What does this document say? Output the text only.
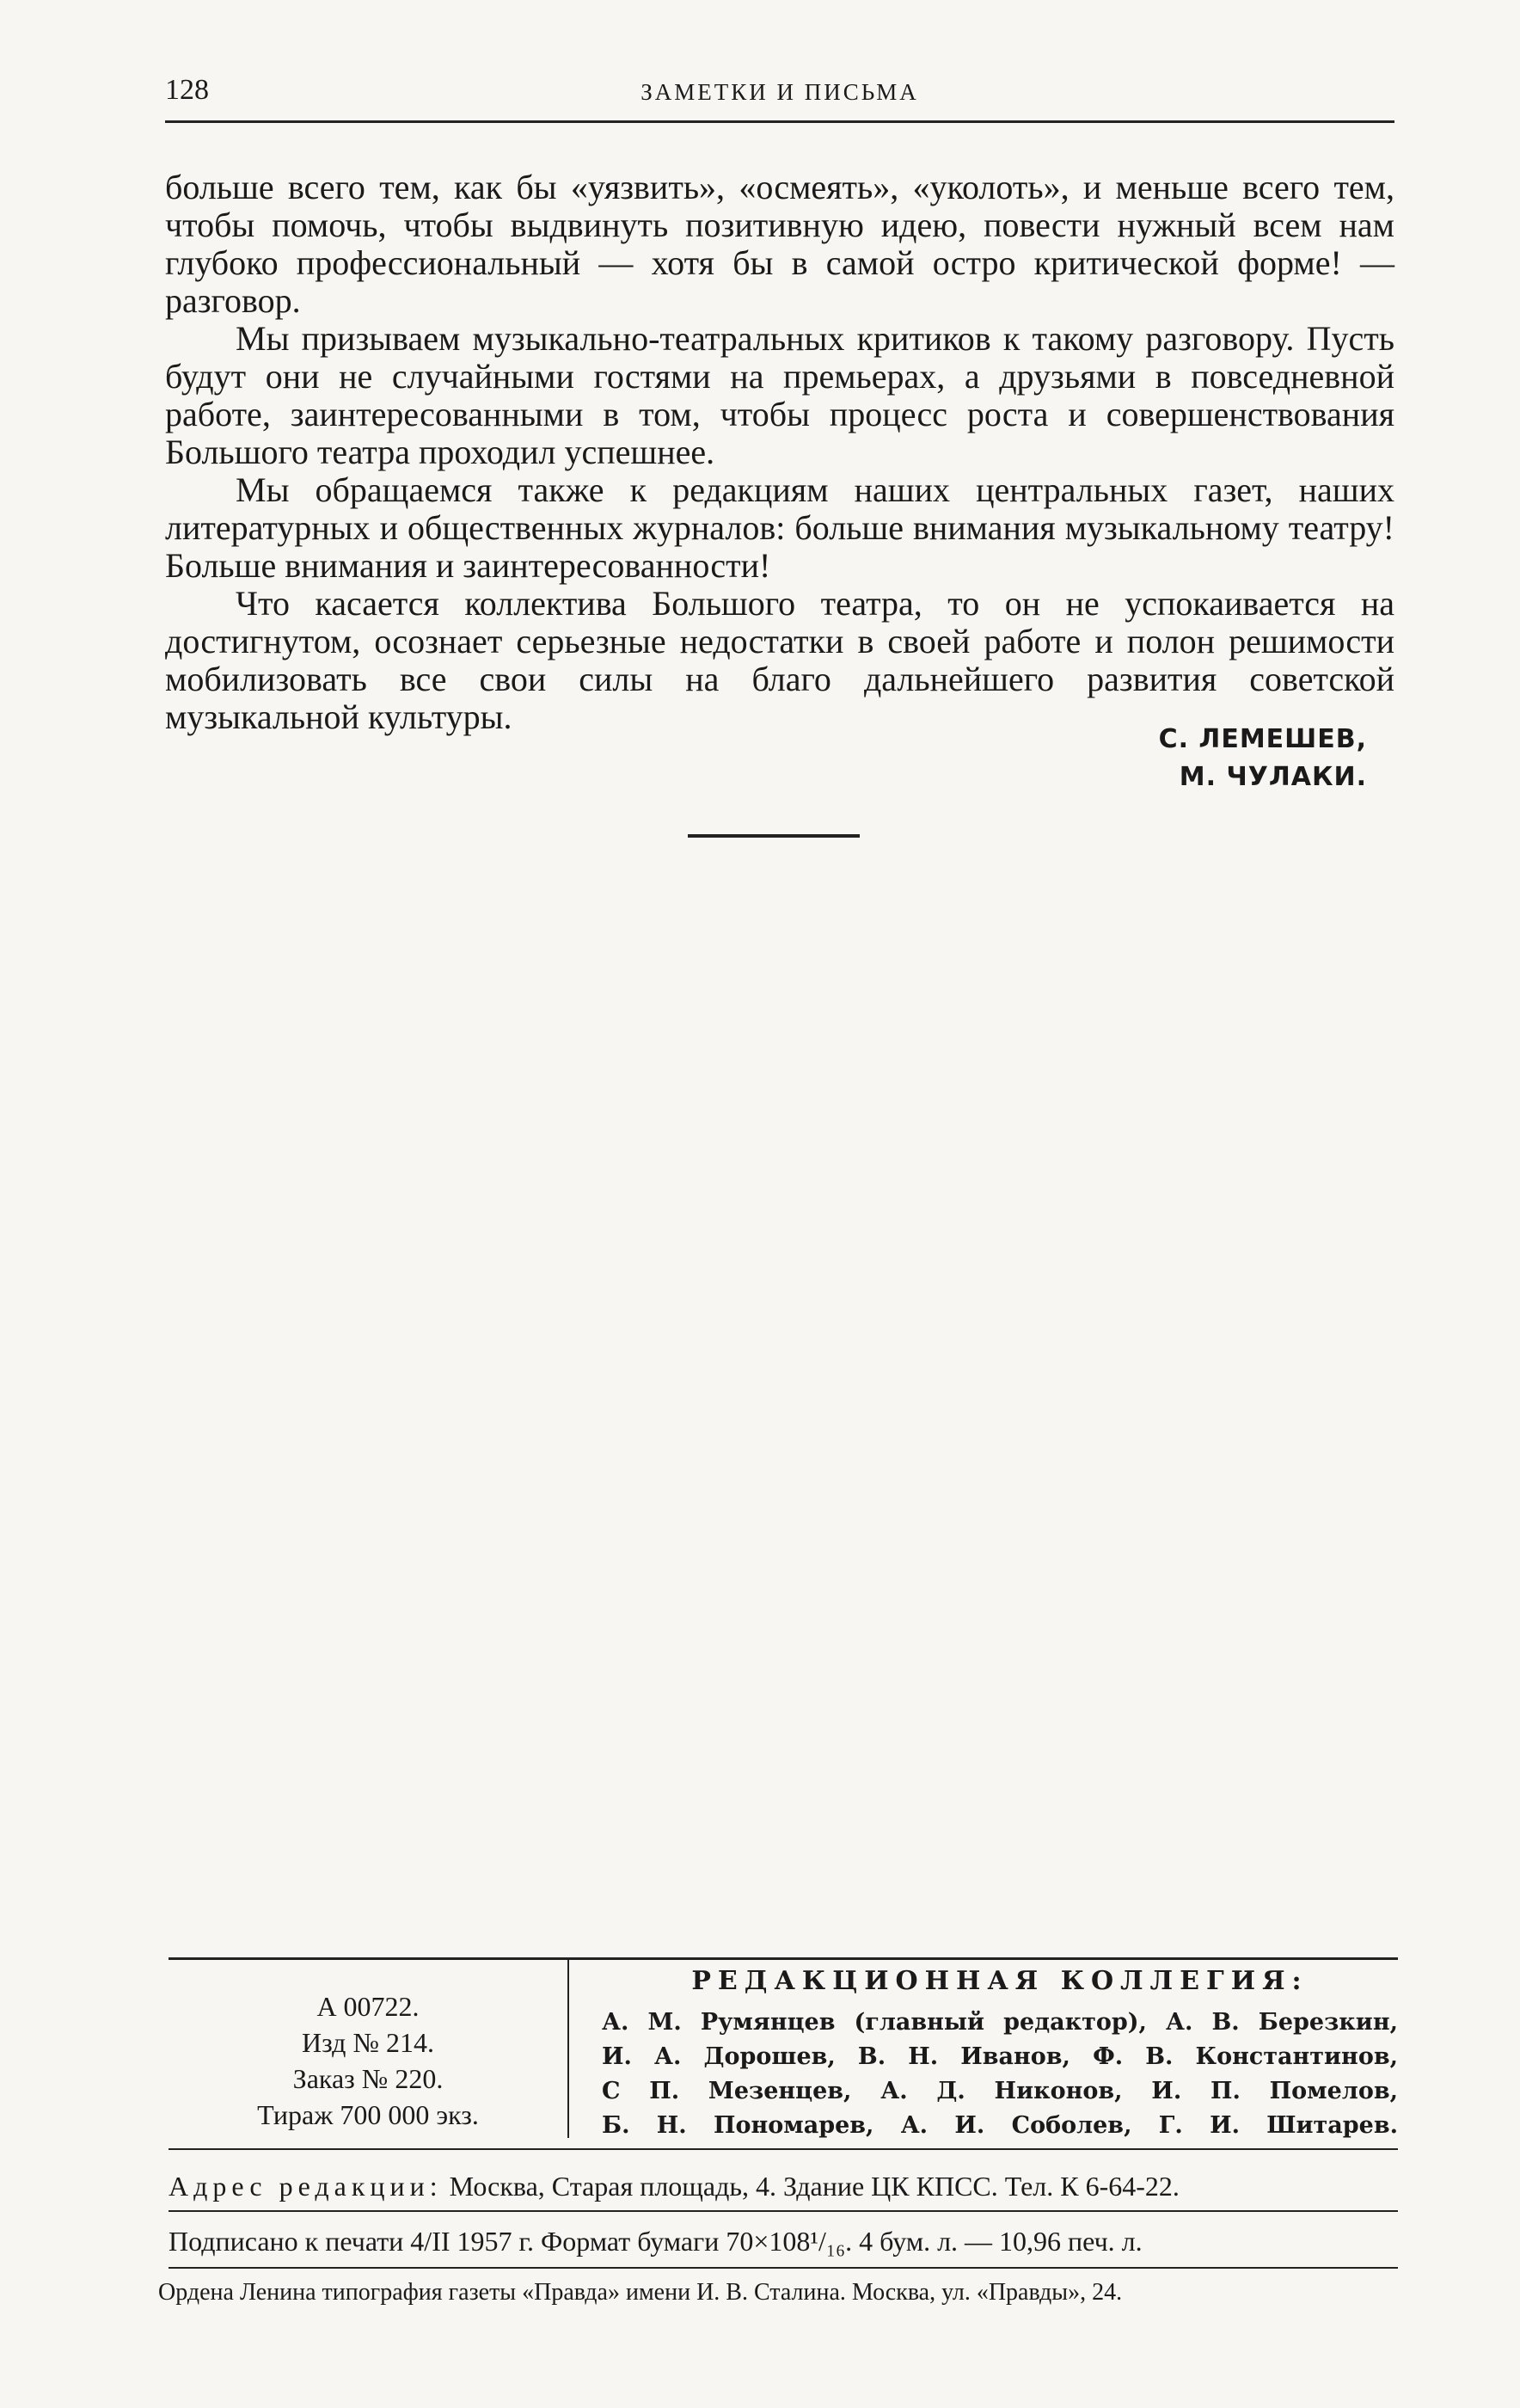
128	ЗАМЕТКИ И ПИСЬМА

больше всего тем, как бы «уязвить», «осмеять», «уколоть», и меньше всего тем, чтобы помочь, чтобы выдвинуть позитивную идею, повести нужный всем нам глубоко профессиональный — хотя бы в самой остро критической форме! — разговор.

Мы призываем музыкально-театральных критиков к такому разговору. Пусть будут они не случайными гостями на премьерах, а друзьями в повседневной работе, заинтересованными в том, чтобы процесс роста и совершенствования Большого театра проходил успешнее.

Мы обращаемся также к редакциям наших центральных газет, наших литературных и общественных журналов: больше внимания музыкальному театру! Больше внимания и заинтересованности!

Что касается коллектива Большого театра, то он не успокаивается на достигнутом, осознает серьезные недостатки в своей работе и полон решимости мобилизовать все свои силы на благо дальнейшего развития советской музыкальной культуры.

С. ЛЕМЕШЕВ,
М. ЧУЛАКИ.
А 00722.
Изд № 214.
Заказ № 220.
Тираж 700 000 экз.
РЕДАКЦИОННАЯ КОЛЛЕГИЯ:
А. М. Румянцев (главный редактор), А. В. Березкин,
И. А. Дорошев, В. Н. Иванов, Ф. В. Константинов,
С П. Мезенцев, А. Д. Никонов, И. П. Помелов,
Б. Н. Пономарев, А. И. Соболев, Г. И. Шитарев.
Адрес редакции: Москва, Старая площадь, 4. Здание ЦК КПСС. Тел. К 6-64-22.
Подписано к печати 4/II 1957 г. Формат бумаги 70×108¹/₁₆. 4 бум. л. — 10,96 печ. л.
Ордена Ленина типография газеты «Правда» имени И. В. Сталина. Москва, ул. «Правды», 24.
